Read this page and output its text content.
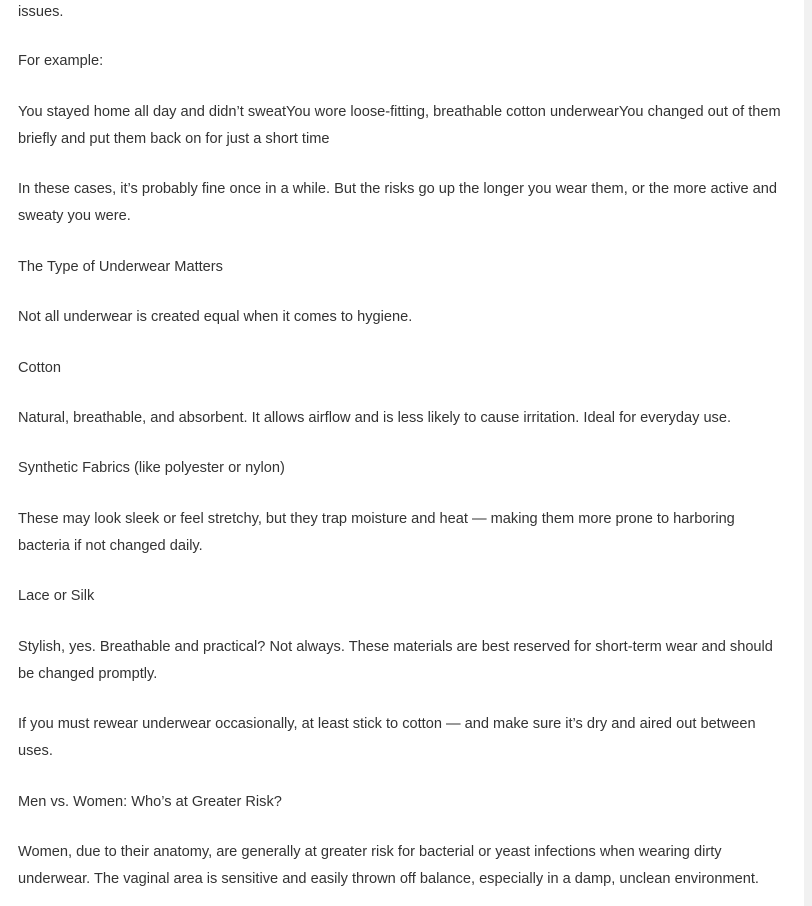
issues.

For example:

You stayed home all day and didn’t sweatYou wore loose-fitting, breathable cotton underwearYou changed out of them briefly and put them back on for just a short time

In these cases, it’s probably fine once in a while. But the risks go up the longer you wear them, or the more active and sweaty you were.

The Type of Underwear Matters

Not all underwear is created equal when it comes to hygiene.

Cotton

Natural, breathable, and absorbent. It allows airflow and is less likely to cause irritation. Ideal for everyday use.

Synthetic Fabrics (like polyester or nylon)

These may look sleek or feel stretchy, but they trap moisture and heat — making them more prone to harboring bacteria if not changed daily.

Lace or Silk

Stylish, yes. Breathable and practical? Not always. These materials are best reserved for short-term wear and should be changed promptly.

If you must rewear underwear occasionally, at least stick to cotton — and make sure it’s dry and aired out between uses.

Men vs. Women: Who’s at Greater Risk?

Women, due to their anatomy, are generally at greater risk for bacterial or yeast infections when wearing dirty underwear. The vaginal area is sensitive and easily thrown off balance, especially in a damp, unclean environment.
